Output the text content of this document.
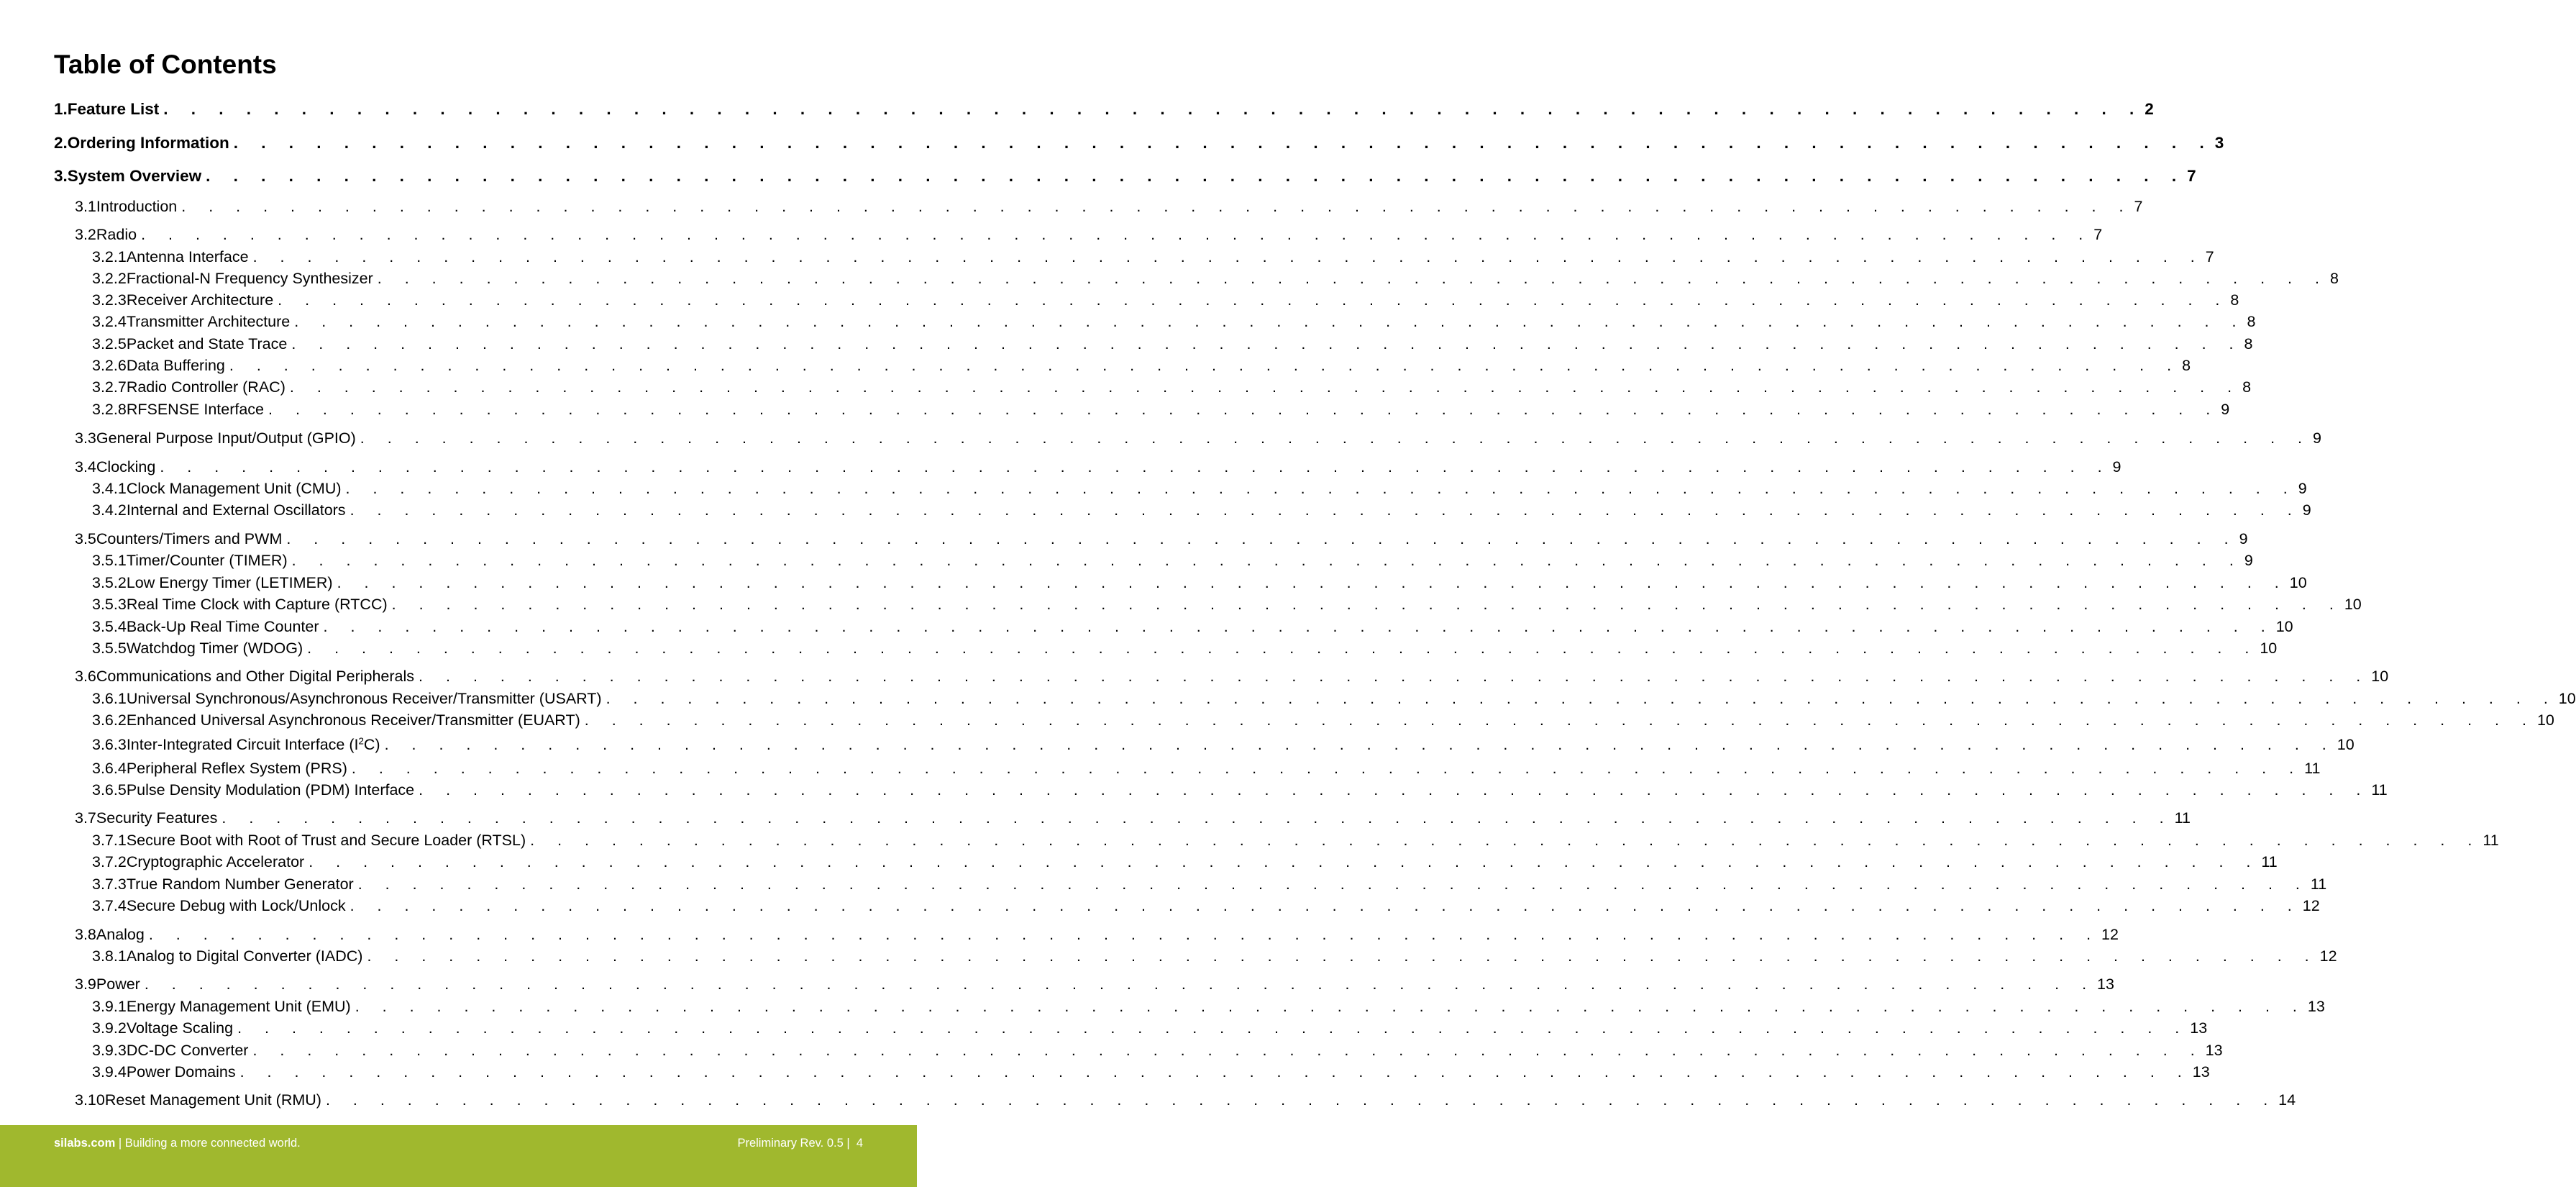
Table of Contents
1. Feature List . . . . . . . . . . . . . . . . . . . . . . . . . . . . . . . . . . . . . . . . . . . . . . . . . . . . . . . . . . . . . . . . . . . . . . . . 2
2. Ordering Information . . . . . . . . . . . . . . . . . . . . . . . . . . . . . . . . . . . . . . . . . . . . . . . . . . . . . . . . . . . . . . . . . . . . . . . . 3
3. System Overview . . . . . . . . . . . . . . . . . . . . . . . . . . . . . . . . . . . . . . . . . . . . . . . . . . . . . . . . . . . . . . . . . . . . . . . . 7
3.1 Introduction . . . . . . . . . . . . . . . . . . . . . . . . . . . . . . . . . . . . . . . . . . . . . . . . . . . . . . . . . . . . . . . . . . . . . . . . 7
3.2 Radio . . . . . . . . . . . . . . . . . . . . . . . . . . . . . . . . . . . . . . . . . . . . . . . . . . . . . . . . . . . . . . . . . . . . . . . . 7
3.2.1 Antenna Interface . . . . . . . . . . . . . . . . . . . . . . . . . . . . . . . . . . . . . . . . . . . . . . . . . . . . . . . . . . . . . . . . . . . . . . . . 7
3.2.2 Fractional-N Frequency Synthesizer . . . . . . . . . . . . . . . . . . . . . . . . . . . . . . . . . . . . . . . . . . . . . . . . . . . . . . . . . . . . . . . . . . . . . . . . 8
3.2.3 Receiver Architecture . . . . . . . . . . . . . . . . . . . . . . . . . . . . . . . . . . . . . . . . . . . . . . . . . . . . . . . . . . . . . . . . . . . . . . . . 8
3.2.4 Transmitter Architecture . . . . . . . . . . . . . . . . . . . . . . . . . . . . . . . . . . . . . . . . . . . . . . . . . . . . . . . . . . . . . . . . . . . . . . . . 8
3.2.5 Packet and State Trace . . . . . . . . . . . . . . . . . . . . . . . . . . . . . . . . . . . . . . . . . . . . . . . . . . . . . . . . . . . . . . . . . . . . . . . . 8
3.2.6 Data Buffering . . . . . . . . . . . . . . . . . . . . . . . . . . . . . . . . . . . . . . . . . . . . . . . . . . . . . . . . . . . . . . . . . . . . . . . . 8
3.2.7 Radio Controller (RAC) . . . . . . . . . . . . . . . . . . . . . . . . . . . . . . . . . . . . . . . . . . . . . . . . . . . . . . . . . . . . . . . . . . . . . . . . 8
3.2.8 RFSENSE Interface . . . . . . . . . . . . . . . . . . . . . . . . . . . . . . . . . . . . . . . . . . . . . . . . . . . . . . . . . . . . . . . . . . . . . . . . 9
3.3 General Purpose Input/Output (GPIO) . . . . . . . . . . . . . . . . . . . . . . . . . . . . . . . . . . . . . . . . . . . . . . . . . . . . . . . . . . . . . . . . . . . . . . . . 9
3.4 Clocking . . . . . . . . . . . . . . . . . . . . . . . . . . . . . . . . . . . . . . . . . . . . . . . . . . . . . . . . . . . . . . . . . . . . . . . . 9
3.4.1 Clock Management Unit (CMU) . . . . . . . . . . . . . . . . . . . . . . . . . . . . . . . . . . . . . . . . . . . . . . . . . . . . . . . . . . . . . . . . . . . . . . . . 9
3.4.2 Internal and External Oscillators . . . . . . . . . . . . . . . . . . . . . . . . . . . . . . . . . . . . . . . . . . . . . . . . . . . . . . . . . . . . . . . . . . . . . . . . 9
3.5 Counters/Timers and PWM . . . . . . . . . . . . . . . . . . . . . . . . . . . . . . . . . . . . . . . . . . . . . . . . . . . . . . . . . . . . . . . . . . . . . . . . 9
3.5.1 Timer/Counter (TIMER) . . . . . . . . . . . . . . . . . . . . . . . . . . . . . . . . . . . . . . . . . . . . . . . . . . . . . . . . . . . . . . . . . . . . . . . . 9
3.5.2 Low Energy Timer (LETIMER) . . . . . . . . . . . . . . . . . . . . . . . . . . . . . . . . . . . . . . . . . . . . . . . . . . . . . . . . . . . . . . . . . . . . . . . . 10
3.5.3 Real Time Clock with Capture (RTCC) . . . . . . . . . . . . . . . . . . . . . . . . . . . . . . . . . . . . . . . . . . . . . . . . . . . . . . . . . . . . . . . . . . . . . . . . 10
3.5.4 Back-Up Real Time Counter . . . . . . . . . . . . . . . . . . . . . . . . . . . . . . . . . . . . . . . . . . . . . . . . . . . . . . . . . . . . . . . . . . . . . . . . 10
3.5.5 Watchdog Timer (WDOG) . . . . . . . . . . . . . . . . . . . . . . . . . . . . . . . . . . . . . . . . . . . . . . . . . . . . . . . . . . . . . . . . . . . . . . . . 10
3.6 Communications and Other Digital Peripherals . . . . . . . . . . . . . . . . . . . . . . . . . . . . . . . . . . . . . . . . . . . . . . . . . . . . . . . . . . . . . . . . . . . . . . . . 10
3.6.1 Universal Synchronous/Asynchronous Receiver/Transmitter (USART) . . . . . . . . . . . . . . . . . . . . . . . . . . . . . . . . . . . . . . . . . . . . . . . . . . . . . . . . . . . . . . . . . . . . . . . . 10
3.6.2 Enhanced Universal Asynchronous Receiver/Transmitter (EUART) . . . . . . . . . . . . . . . . . . . . . . . . . . . . . . . . . . . . . . . . . . . . . . . . . . . . . . . . . . . . . . . . . . . . . . . . 10
3.6.3 Inter-Integrated Circuit Interface $(I^2C)$ . . . . . . . . . . . . . . . . . . . . . . . . . . . . . . . . . . . . . . . . . . . . . . . . . . . . . . . . . . . . . . . . . . . . . . . . 10
3.6.4 Peripheral Reflex System (PRS) . . . . . . . . . . . . . . . . . . . . . . . . . . . . . . . . . . . . . . . . . . . . . . . . . . . . . . . . . . . . . . . . . . . . . . . . 11
3.6.5 Pulse Density Modulation (PDM) Interface . . . . . . . . . . . . . . . . . . . . . . . . . . . . . . . . . . . . . . . . . . . . . . . . . . . . . . . . . . . . . . . . . . . . . . . . 11
3.7 Security Features . . . . . . . . . . . . . . . . . . . . . . . . . . . . . . . . . . . . . . . . . . . . . . . . . . . . . . . . . . . . . . . . . . . . . . . . 11
3.7.1 Secure Boot with Root of Trust and Secure Loader (RTSL) . . . . . . . . . . . . . . . . . . . . . . . . . . . . . . . . . . . . . . . . . . . . . . . . . . . . . . . . . . . . . . . . . . . . . . . . 11
3.7.2 Cryptographic Accelerator . . . . . . . . . . . . . . . . . . . . . . . . . . . . . . . . . . . . . . . . . . . . . . . . . . . . . . . . . . . . . . . . . . . . . . . . 11
3.7.3 True Random Number Generator . . . . . . . . . . . . . . . . . . . . . . . . . . . . . . . . . . . . . . . . . . . . . . . . . . . . . . . . . . . . . . . . . . . . . . . . 11
3.7.4 Secure Debug with Lock/Unlock . . . . . . . . . . . . . . . . . . . . . . . . . . . . . . . . . . . . . . . . . . . . . . . . . . . . . . . . . . . . . . . . . . . . . . . . 12
3.8 Analog . . . . . . . . . . . . . . . . . . . . . . . . . . . . . . . . . . . . . . . . . . . . . . . . . . . . . . . . . . . . . . . . . . . . . . . . 12
3.8.1 Analog to Digital Converter (IADC) . . . . . . . . . . . . . . . . . . . . . . . . . . . . . . . . . . . . . . . . . . . . . . . . . . . . . . . . . . . . . . . . . . . . . . . . 12
3.9 Power . . . . . . . . . . . . . . . . . . . . . . . . . . . . . . . . . . . . . . . . . . . . . . . . . . . . . . . . . . . . . . . . . . . . . . . . 13
3.9.1 Energy Management Unit (EMU) . . . . . . . . . . . . . . . . . . . . . . . . . . . . . . . . . . . . . . . . . . . . . . . . . . . . . . . . . . . . . . . . . . . . . . . . 13
3.9.2 Voltage Scaling . . . . . . . . . . . . . . . . . . . . . . . . . . . . . . . . . . . . . . . . . . . . . . . . . . . . . . . . . . . . . . . . . . . . . . . . 13
3.9.3 DC-DC Converter . . . . . . . . . . . . . . . . . . . . . . . . . . . . . . . . . . . . . . . . . . . . . . . . . . . . . . . . . . . . . . . . . . . . . . . . 13
3.9.4 Power Domains . . . . . . . . . . . . . . . . . . . . . . . . . . . . . . . . . . . . . . . . . . . . . . . . . . . . . . . . . . . . . . . . . . . . . . . . 13
3.10 Reset Management Unit (RMU) . . . . . . . . . . . . . . . . . . . . . . . . . . . . . . . . . . . . . . . . . . . . . . . . . . . . . . . . . . . . . . . . . . . . . . . . 14
silabs.com | Building a more connected world.	Preliminary Rev. 0.5 |  4
